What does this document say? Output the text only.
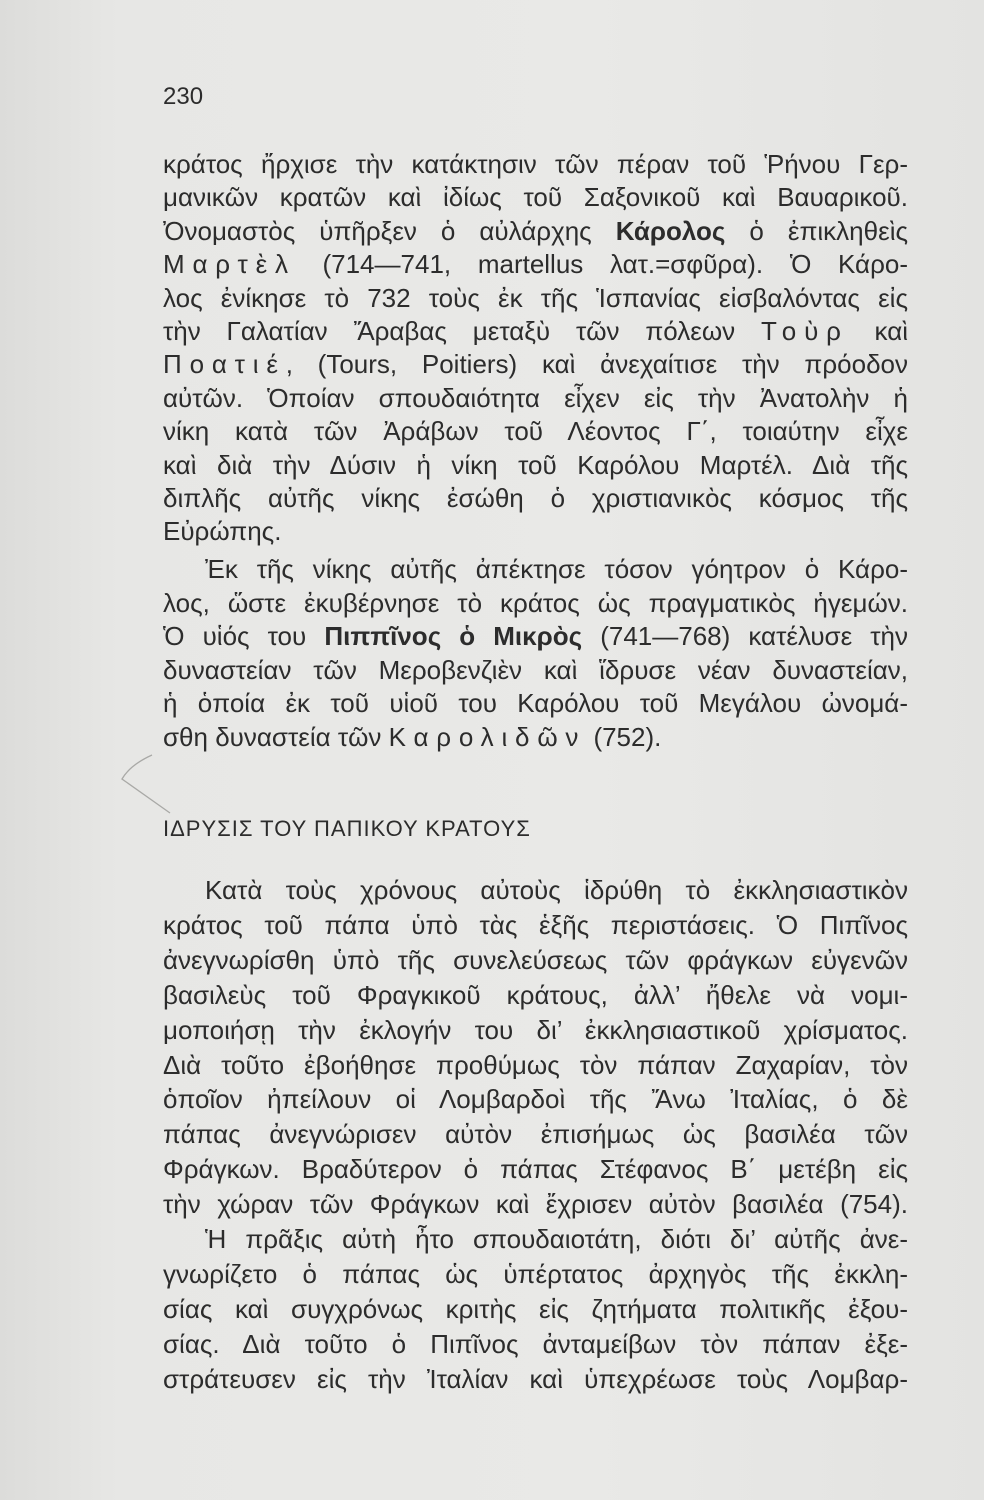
230
κράτος ἤρχισε τὴν κατάκτησιν τῶν πέραν τοῦ Ῥήνου Γερ-
μανικῶν κρατῶν καὶ ἰδίως τοῦ Σαξονικοῦ καὶ Βαυαρικοῦ.
Ὀνομαστὸς ὑπῆρξεν ὁ αὐλάρχης Κάρολος ὁ ἐπικληθεὶς
Μαρτὲλ (714—741, martellus λατ.=σφῦρα). Ὁ Κάρο-
λος ἐνίκησε τὸ 732 τοὺς ἐκ τῆς Ἱσπανίας εἰσβαλόντας εἰς
τὴν Γαλατίαν Ἄραβας μεταξὺ τῶν πόλεων Τοὺρ καὶ
Ποατιέ, (Tours, Poitiers) καὶ ἀνεχαίτισε τὴν πρόοδον
αὐτῶν. Ὁποίαν σπουδαιότητα εἶχεν εἰς τὴν Ἀνατολὴν ἡ
νίκη κατὰ τῶν Ἀράβων τοῦ Λέοντος Γ΄, τοιαύτην εἶχε
καὶ διὰ τὴν Δύσιν ἡ νίκη τοῦ Καρόλου Μαρτέλ. Διὰ τῆς
διπλῆς αὐτῆς νίκης ἐσώθη ὁ χριστιανικὸς κόσμος τῆς
Εὐρώπης.
Ἐκ τῆς νίκης αὐτῆς ἀπέκτησε τόσον γόητρον ὁ Κάρο-
λος, ὥστε ἐκυβέρνησε τὸ κράτος ὡς πραγματικὸς ἡγεμών.
Ὁ υἱός του Πιππῖνος ὁ Μικρὸς (741—768) κατέλυσε τὴν
δυναστείαν τῶν Μεροβενζιὲν καὶ ἵδρυσε νέαν δυναστείαν,
ἡ ὁποία ἐκ τοῦ υἱοῦ του Καρόλου τοῦ Μεγάλου ὠνομά-
σθη δυναστεία τῶν Καρολιδῶν (752).
ΙΔΡΥΣΙΣ ΤΟΥ ΠΑΠΙΚΟΥ ΚΡΑΤΟΥΣ
Κατὰ τοὺς χρόνους αὐτοὺς ἱδρύθη τὸ ἐκκλησιαστικὸν
κράτος τοῦ πάπα ὑπὸ τὰς ἑξῆς περιστάσεις. Ὁ Πιπῖνος
ἀνεγνωρίσθη ὑπὸ τῆς συνελεύσεως τῶν φράγκων εὐγενῶν
βασιλεὺς τοῦ Φραγκικοῦ κράτους, ἀλλ’ ἤθελε νὰ νομι-
μοποιήσῃ τὴν ἐκλογήν του δι’ ἐκκλησιαστικοῦ χρίσματος.
Διὰ τοῦτο ἐβοήθησε προθύμως τὸν πάπαν Ζαχαρίαν, τὸν
ὁποῖον ἠπείλουν οἱ Λομβαρδοὶ τῆς Ἄνω Ἰταλίας, ὁ δὲ
πάπας ἀνεγνώρισεν αὐτὸν ἐπισήμως ὡς βασιλέα τῶν
Φράγκων. Βραδύτερον ὁ πάπας Στέφανος Β΄ μετέβη εἰς
τὴν χώραν τῶν Φράγκων καὶ ἔχρισεν αὐτὸν βασιλέα (754).
Ἡ πρᾶξις αὐτὴ ἦτο σπουδαιοτάτη, διότι δι’ αὐτῆς ἀνε-
γνωρίζετο ὁ πάπας ὡς ὑπέρτατος ἀρχηγὸς τῆς ἐκκλη-
σίας καὶ συγχρόνως κριτὴς εἰς ζητήματα πολιτικῆς ἐξου-
σίας. Διὰ τοῦτο ὁ Πιπῖνος ἀνταμείβων τὸν πάπαν ἐξε-
στράτευσεν εἰς τὴν Ἰταλίαν καὶ ὑπεχρέωσε τοὺς Λομβαρ-
